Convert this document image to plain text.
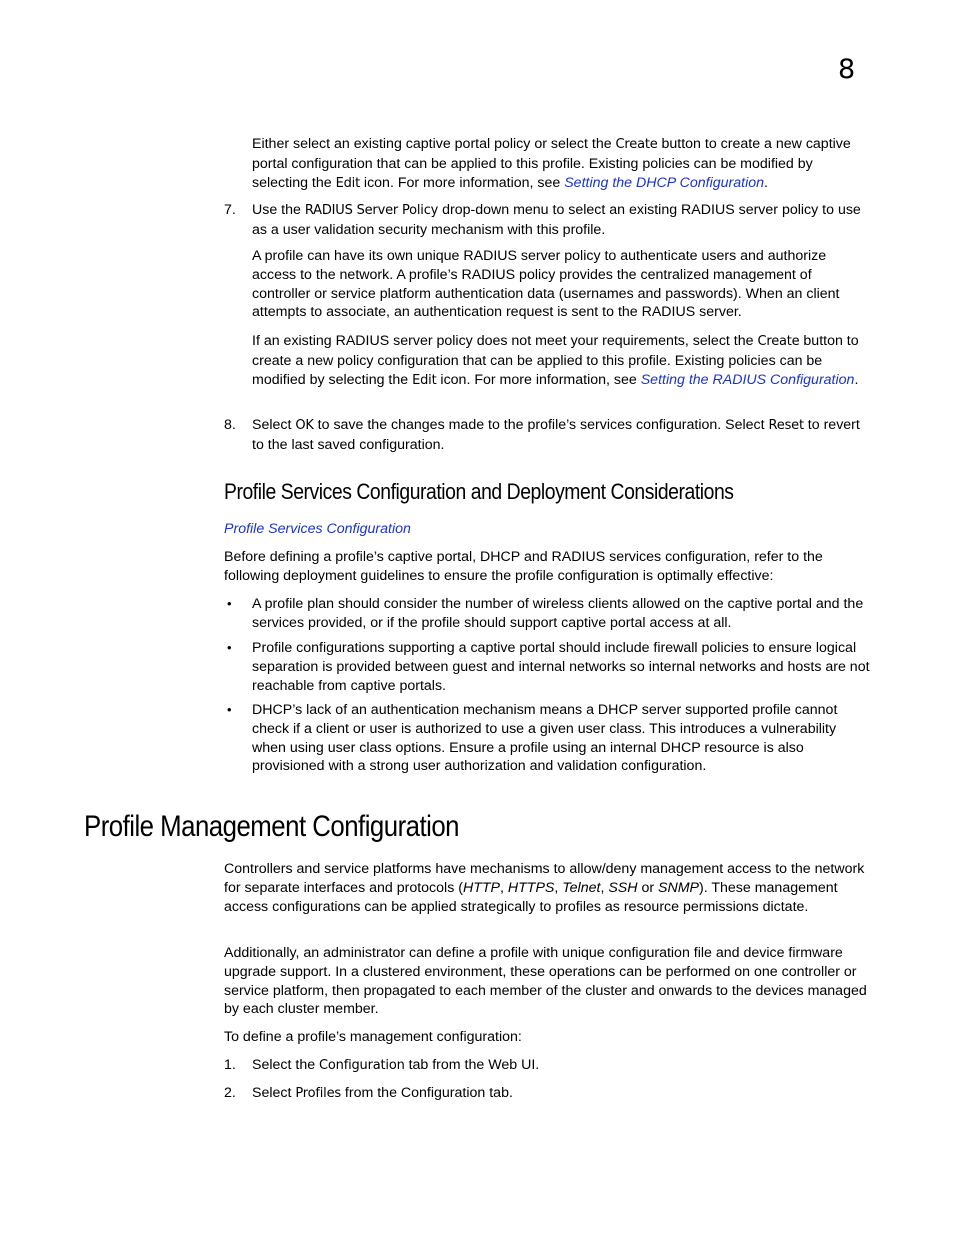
8

Either select an existing captive portal policy or select the Create button to create a new captive portal configuration that can be applied to this profile. Existing policies can be modified by selecting the Edit icon. For more information, see Setting the DHCP Configuration.

7. Use the RADIUS Server Policy drop-down menu to select an existing RADIUS server policy to use as a user validation security mechanism with this profile.

A profile can have its own unique RADIUS server policy to authenticate users and authorize access to the network. A profile’s RADIUS policy provides the centralized management of controller or service platform authentication data (usernames and passwords). When an client attempts to associate, an authentication request is sent to the RADIUS server.

If an existing RADIUS server policy does not meet your requirements, select the Create button to create a new policy configuration that can be applied to this profile. Existing policies can be modified by selecting the Edit icon. For more information, see Setting the RADIUS Configuration.

8. Select OK to save the changes made to the profile’s services configuration. Select Reset to revert to the last saved configuration.

Profile Services Configuration and Deployment Considerations

Profile Services Configuration

Before defining a profile’s captive portal, DHCP and RADIUS services configuration, refer to the following deployment guidelines to ensure the profile configuration is optimally effective:

• A profile plan should consider the number of wireless clients allowed on the captive portal and the services provided, or if the profile should support captive portal access at all.

• Profile configurations supporting a captive portal should include firewall policies to ensure logical separation is provided between guest and internal networks so internal networks and hosts are not reachable from captive portals.

• DHCP’s lack of an authentication mechanism means a DHCP server supported profile cannot check if a client or user is authorized to use a given user class. This introduces a vulnerability when using user class options. Ensure a profile using an internal DHCP resource is also provisioned with a strong user authorization and validation configuration.

Profile Management Configuration

Controllers and service platforms have mechanisms to allow/deny management access to the network for separate interfaces and protocols (HTTP, HTTPS, Telnet, SSH or SNMP). These management access configurations can be applied strategically to profiles as resource permissions dictate.

Additionally, an administrator can define a profile with unique configuration file and device firmware upgrade support. In a clustered environment, these operations can be performed on one controller or service platform, then propagated to each member of the cluster and onwards to the devices managed by each cluster member.

To define a profile’s management configuration:

1. Select the Configuration tab from the Web UI.

2. Select Profiles from the Configuration tab.
